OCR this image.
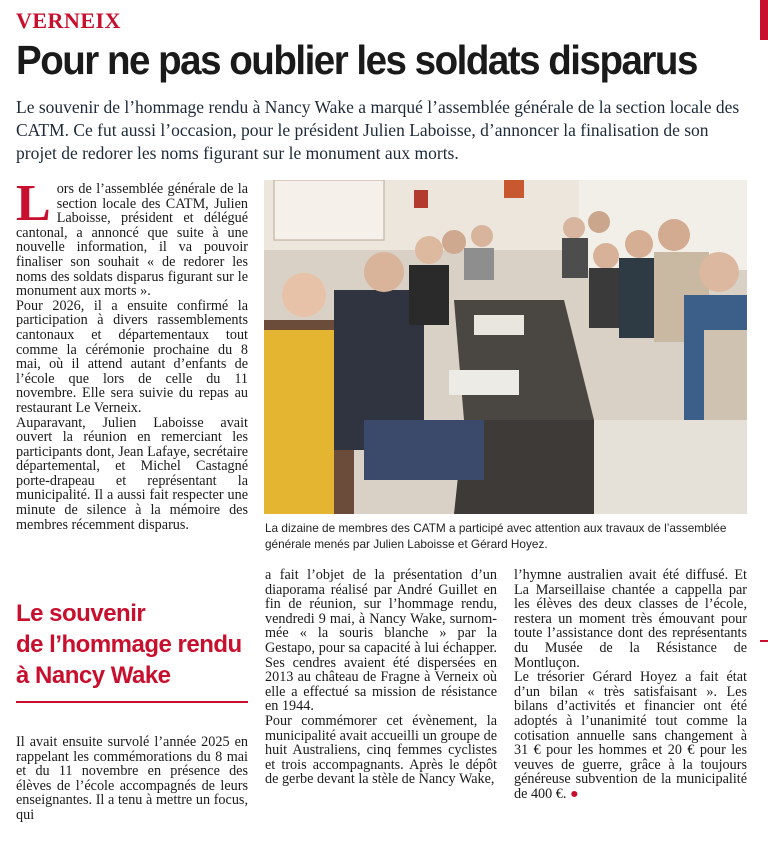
VERNEIX
Pour ne pas oublier les soldats disparus
Le souvenir de l’hommage rendu à Nancy Wake a marqué l’assemblée générale de la section locale des CATM. Ce fut aussi l’occasion, pour le président Julien Laboisse, d’annoncer la finalisation de son projet de redorer les noms figurant sur le monument aux morts.

Lors de l’assemblée générale de la section locale des CATM, Julien Laboisse, président et délégué cantonal, a annoncé que suite à une nouvelle information, il va pouvoir finaliser son souhait « de redorer les noms des soldats disparus figurant sur le monument aux morts ».

Pour 2026, il a ensuite confirmé la participation à divers rassemblements cantonaux et départementaux tout comme la cérémonie prochaine du 8 mai, où il attend autant d’enfants de l’école que lors de celle du 11 novembre. Elle sera suivie du repas au restaurant Le Verneix.

Auparavant, Julien Laboisse avait ouvert la réunion en remerciant les participants dont, Jean Lafaye, secrétaire départemental, et Michel Castagné porte-drapeau et représentant la municipalité. Il a aussi fait respecter une minute de silence à la mémoire des membres récemment disparus.

Le souvenir
de l’hommage rendu
à Nancy Wake

Il avait ensuite survolé l’année 2025 en rappelant les commémorations du 8 mai et du 11 novembre en présence des élèves de l’école accompagnés de leurs enseignantes. Il a tenu à mettre un focus, qui

La dizaine de membres des CATM a participé avec attention aux travaux de l’assemblée générale menés par Julien Laboisse et Gérard Hoyez.

a fait l’objet de la présentation d’un diaporama réalisé par André Guillet en fin de réunion, sur l’hommage rendu, vendredi 9 mai, à Nancy Wake, surnom-mée « la souris blanche » par la Gestapo, pour sa capacité à lui échapper. Ses cendres avaient été dispersées en 2013 au château de Fragne à Verneix où elle a effectué sa mission de résistance en 1944.

Pour commémorer cet évènement, la municipalité avait accueilli un groupe de huit Australiens, cinq femmes cyclistes et trois accompagnants. Après le dépôt de gerbe devant la stèle de Nancy Wake,

l’hymne australien avait été diffusé. Et La Marseillaise chantée a cappella par les élèves des deux classes de l’école, restera un moment très émouvant pour toute l’assistance dont des représentants du Musée de la Résistance de Montluçon.

Le trésorier Gérard Hoyez a fait état d’un bilan « très satisfaisant ». Les bilans d’activités et financier ont été adoptés à l’unanimité tout comme la cotisation annuelle sans changement à 31 € pour les hommes et 20 € pour les veuves de guerre, grâce à la toujours généreuse subvention de la municipalité de 400 €. ●
